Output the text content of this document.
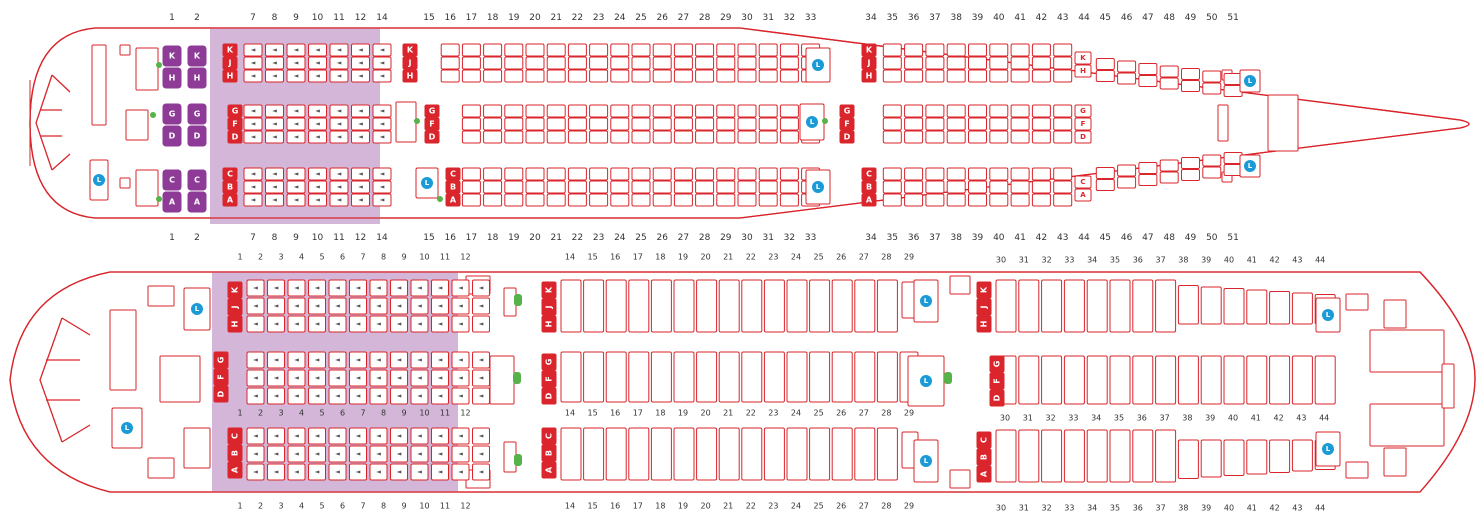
L
K
H
K
H
G
D
G
D
C
A
C
A
1
1
2
2
7
7
◄
◄
◄
◄
◄
◄
◄
◄
◄
8
8
◄
◄
◄
◄
◄
◄
◄
◄
◄
9
9
◄
◄
◄
◄
◄
◄
◄
◄
◄
10
10
◄
◄
◄
◄
◄
◄
◄
◄
◄
11
11
◄
◄
◄
◄
◄
◄
◄
◄
◄
12
12
◄
◄
◄
◄
◄
◄
◄
◄
◄
14
14
◄
◄
◄
◄
◄
◄
◄
◄
◄
K
J
H
G
F
D
C
B
A
15
15
16
16
17
17
18
18
19
19
20
20
21
21
22
22
23
23
24
24
25
25
26
26
27
27
28
28
29
29
30
30
31
31
32
32
33
33
K
J
H
G
F
D
C
B
A
L
L
L
L
34
34
35
35
36
36
37
37
38
38
39
39
40
40
41
41
42
42
43
43
44
44
K
H
G
F
D
C
A
45
45
46
46
47
47
48
48
49
49
50
50
51
51
K
J
H
G
F
D
C
B
A
L
L
L
L
1
1
1
◄
◄
◄
◄
◄
◄
◄
◄
◄
2
2
2
◄
◄
◄
◄
◄
◄
◄
◄
◄
3
3
3
◄
◄
◄
◄
◄
◄
◄
◄
◄
4
4
4
◄
◄
◄
◄
◄
◄
◄
◄
◄
5
5
5
◄
◄
◄
◄
◄
◄
◄
◄
◄
6
6
6
◄
◄
◄
◄
◄
◄
◄
◄
◄
7
7
7
◄
◄
◄
◄
◄
◄
◄
◄
◄
8
8
8
◄
◄
◄
◄
◄
◄
◄
◄
◄
9
9
9
◄
◄
◄
◄
◄
◄
◄
◄
◄
10
10
10
◄
◄
◄
◄
◄
◄
◄
◄
◄
11
11
11
◄
◄
◄
◄
◄
◄
◄
◄
◄
12
12
12
◄
◄
◄
◄
◄
◄
◄
◄
◄
K
J
H
G
F
D
C
B
A
14
14
14
15
15
15
16
16
16
17
17
17
18
18
18
19
19
19
20
20
20
21
21
21
22
22
22
23
23
23
24
24
24
25
25
25
26
26
26
27
27
27
28
28
28
29
29
29
K
J
H
G
F
D
C
B
A
L
L
L
30
30
30
31
31
31
32
32
32
33
33
33
34
34
34
35
35
35
36
36
36
37
37
37
38
38
38
39
39
39
40
40
40
41
41
41
42
42
42
43
43
43
44
44
44
K
J
H
G
F
D
C
B
A
L
L
